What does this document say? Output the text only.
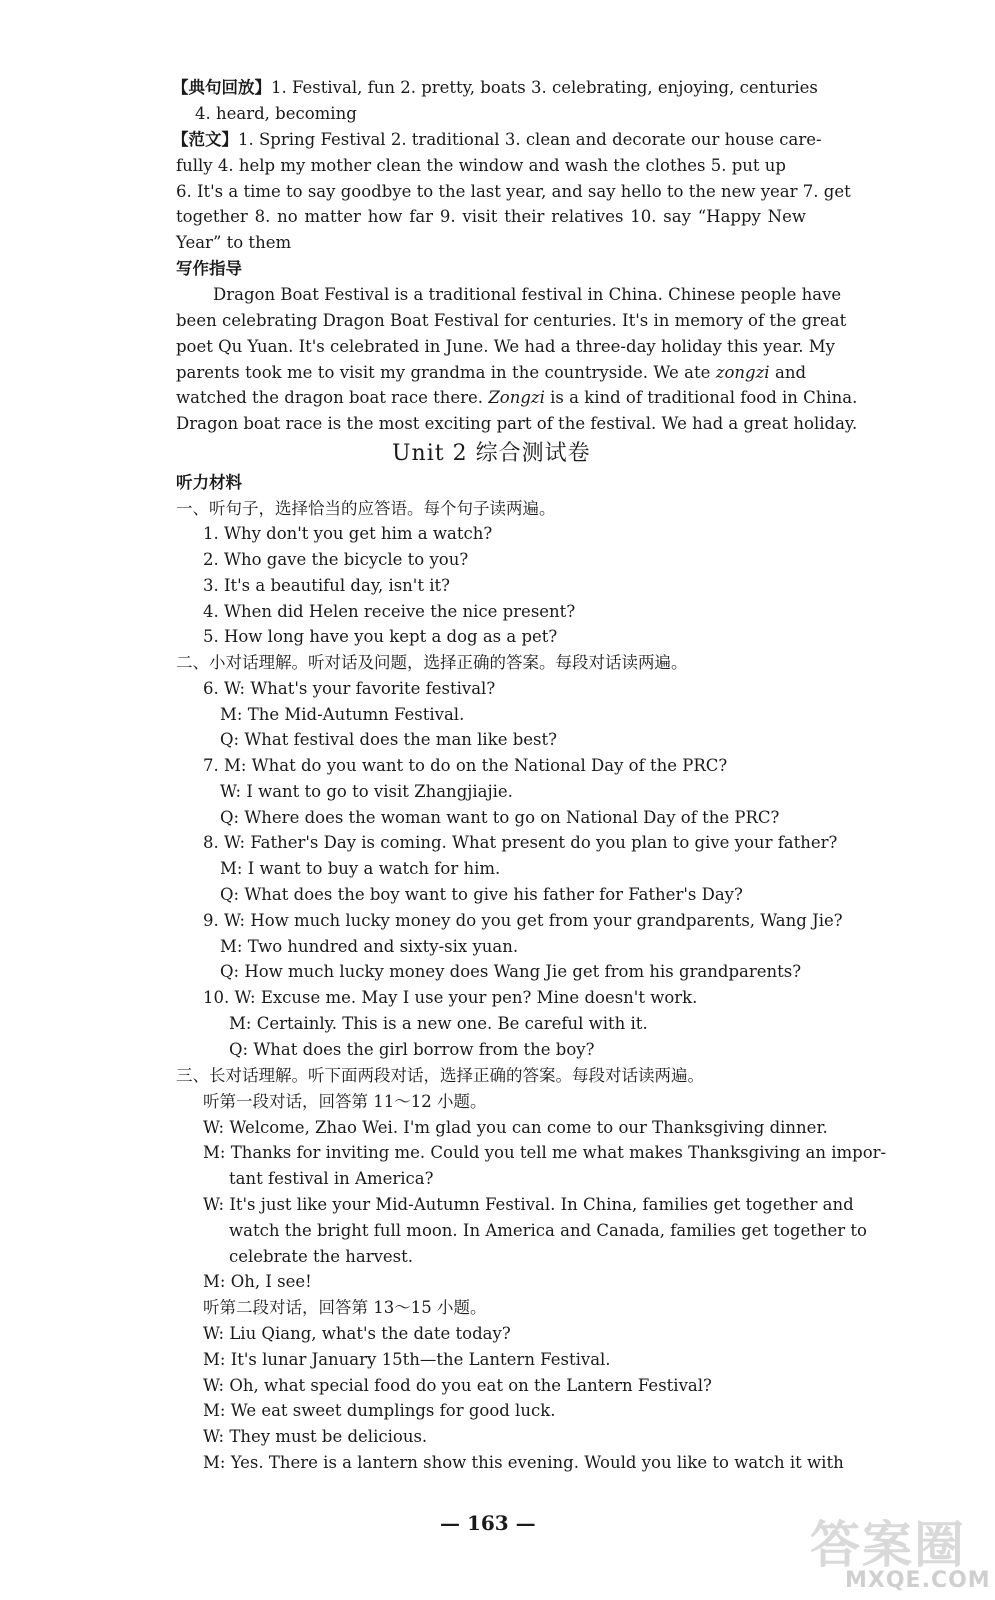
【典句回放】1. Festival, fun 2. pretty, boats 3. celebrating, enjoying, centuries
4. heard, becoming
【范文】1. Spring Festival 2. traditional 3. clean and decorate our house care-
fully 4. help my mother clean the window and wash the clothes 5. put up
6. It's a time to say goodbye to the last year, and say hello to the new year 7. get
together 8. no matter how far 9. visit their relatives 10. say “Happy New
Year” to them
写作指导
Dragon Boat Festival is a traditional festival in China. Chinese people have
been celebrating Dragon Boat Festival for centuries. It's in memory of the great
poet Qu Yuan. It's celebrated in June. We had a three-day holiday this year. My
parents took me to visit my grandma in the countryside. We ate zongzi and
watched the dragon boat race there. Zongzi is a kind of traditional food in China.
Dragon boat race is the most exciting part of the festival. We had a great holiday.
Unit 2 综合测试卷
听力材料
一、听句子，选择恰当的应答语。每个句子读两遍。
1. Why don't you get him a watch?
2. Who gave the bicycle to you?
3. It's a beautiful day, isn't it?
4. When did Helen receive the nice present?
5. How long have you kept a dog as a pet?
二、小对话理解。听对话及问题，选择正确的答案。每段对话读两遍。
6. W: What's your favorite festival?
M: The Mid-Autumn Festival.
Q: What festival does the man like best?
7. M: What do you want to do on the National Day of the PRC?
W: I want to go to visit Zhangjiajie.
Q: Where does the woman want to go on National Day of the PRC?
8. W: Father's Day is coming. What present do you plan to give your father?
M: I want to buy a watch for him.
Q: What does the boy want to give his father for Father's Day?
9. W: How much lucky money do you get from your grandparents, Wang Jie?
M: Two hundred and sixty-six yuan.
Q: How much lucky money does Wang Jie get from his grandparents?
10. W: Excuse me. May I use your pen? Mine doesn't work.
M: Certainly. This is a new one. Be careful with it.
Q: What does the girl borrow from the boy?
三、长对话理解。听下面两段对话，选择正确的答案。每段对话读两遍。
听第一段对话，回答第 11～12 小题。
W: Welcome, Zhao Wei. I'm glad you can come to our Thanksgiving dinner.
M: Thanks for inviting me. Could you tell me what makes Thanksgiving an impor-
tant festival in America?
W: It's just like your Mid-Autumn Festival. In China, families get together and
watch the bright full moon. In America and Canada, families get together to
celebrate the harvest.
M: Oh, I see!
听第二段对话，回答第 13～15 小题。
W: Liu Qiang, what's the date today?
M: It's lunar January 15th—the Lantern Festival.
W: Oh, what special food do you eat on the Lantern Festival?
M: We eat sweet dumplings for good luck.
W: They must be delicious.
M: Yes. There is a lantern show this evening. Would you like to watch it with
— 163 —	答案圈
MXQE.COM
